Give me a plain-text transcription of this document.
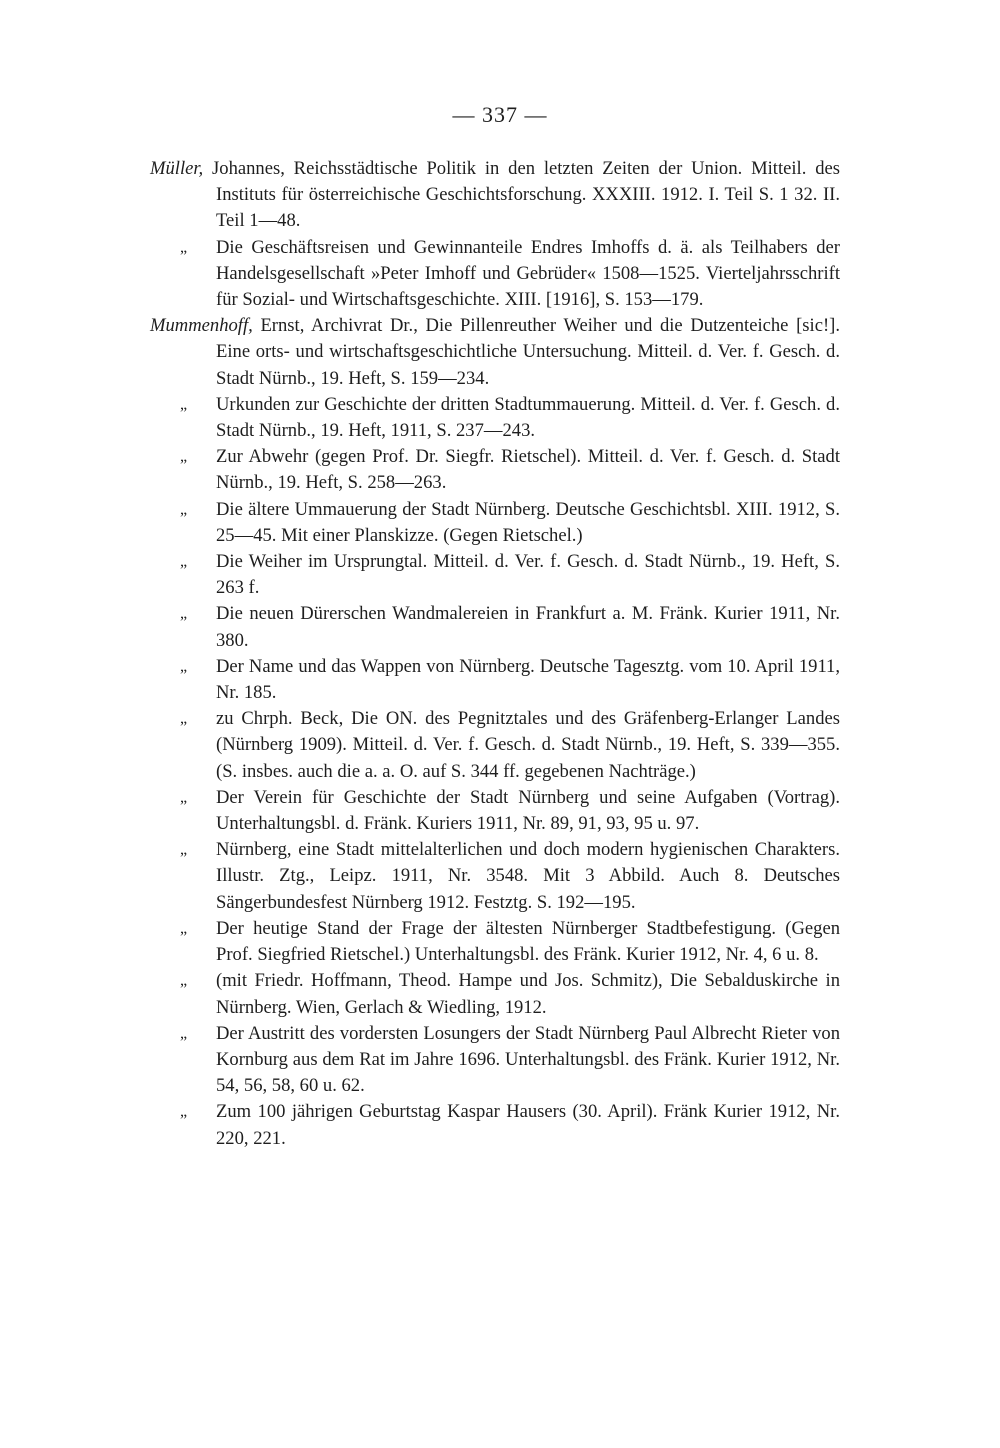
— 337 —

Müller, Johannes, Reichsstädtische Politik in den letzten Zeiten der Union. Mitteil. des Instituts für österreichische Geschichtsforschung. XXXIII. 1912. I. Teil S. 1 32. II. Teil 1—48.

„ Die Geschäftsreisen und Gewinnanteile Endres Imhoffs d. ä. als Teilhabers der Handelsgesellschaft »Peter Imhoff und Gebrüder« 1508—1525. Vierteljahrsschrift für Sozial- und Wirtschaftsgeschichte. XIII. [1916], S. 153—179.

Mummenhoff, Ernst, Archivrat Dr., Die Pillenreuther Weiher und die Dutzenteiche [sic!]. Eine orts- und wirtschaftsgeschichtliche Untersuchung. Mitteil. d. Ver. f. Gesch. d. Stadt Nürnb., 19. Heft, S. 159—234.

„ Urkunden zur Geschichte der dritten Stadtummauerung. Mitteil. d. Ver. f. Gesch. d. Stadt Nürnb., 19. Heft, 1911, S. 237—243.

„ Zur Abwehr (gegen Prof. Dr. Siegfr. Rietschel). Mitteil. d. Ver. f. Gesch. d. Stadt Nürnb., 19. Heft, S. 258—263.

„ Die ältere Ummauerung der Stadt Nürnberg. Deutsche Geschichtsbl. XIII. 1912, S. 25—45. Mit einer Planskizze. (Gegen Rietschel.)

„ Die Weiher im Ursprungtal. Mitteil. d. Ver. f. Gesch. d. Stadt Nürnb., 19. Heft, S. 263 f.

„ Die neuen Dürerschen Wandmalereien in Frankfurt a. M. Fränk. Kurier 1911, Nr. 380.

„ Der Name und das Wappen von Nürnberg. Deutsche Tagesztg. vom 10. April 1911, Nr. 185.

„ zu Chrph. Beck, Die ON. des Pegnitztales und des Gräfenberg-Erlanger Landes (Nürnberg 1909). Mitteil. d. Ver. f. Gesch. d. Stadt Nürnb., 19. Heft, S. 339—355. (S. insbes. auch die a. a. O. auf S. 344 ff. gegebenen Nachträge.)

„ Der Verein für Geschichte der Stadt Nürnberg und seine Aufgaben (Vortrag). Unterhaltungsbl. d. Fränk. Kuriers 1911, Nr. 89, 91, 93, 95 u. 97.

„ Nürnberg, eine Stadt mittelalterlichen und doch modern hygienischen Charakters. Illustr. Ztg., Leipz. 1911, Nr. 3548. Mit 3 Abbild. Auch 8. Deutsches Sängerbundesfest Nürnberg 1912. Festztg. S. 192—195.

„ Der heutige Stand der Frage der ältesten Nürnberger Stadtbefestigung. (Gegen Prof. Siegfried Rietschel.) Unterhaltungsbl. des Fränk. Kurier 1912, Nr. 4, 6 u. 8.

„ (mit Friedr. Hoffmann, Theod. Hampe und Jos. Schmitz), Die Sebalduskirche in Nürnberg. Wien, Gerlach & Wiedling, 1912.

„ Der Austritt des vordersten Losungers der Stadt Nürnberg Paul Albrecht Rieter von Kornburg aus dem Rat im Jahre 1696. Unterhaltungsbl. des Fränk. Kurier 1912, Nr. 54, 56, 58, 60 u. 62.

„ Zum 100 jährigen Geburtstag Kaspar Hausers (30. April). Fränk Kurier 1912, Nr. 220, 221.
